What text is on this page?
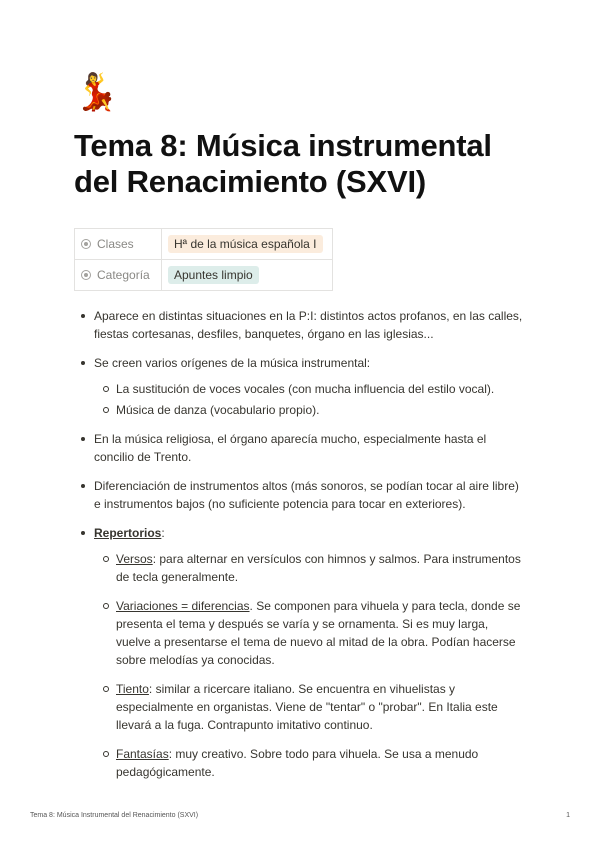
💃
Tema 8: Música instrumental del Renacimiento (SXVI)
Clases	Hª de la música española I
Categoría	Apuntes limpio
Aparece en distintas situaciones en la P:I: distintos actos profanos, en las calles, fiestas cortesanas, desfiles, banquetes, órgano en las iglesias...
Se creen varios orígenes de la música instrumental:
La sustitución de voces vocales (con mucha influencia del estilo vocal).
Música de danza (vocabulario propio).
En la música religiosa, el órgano aparecía mucho, especialmente hasta el concilio de Trento.
Diferenciación de instrumentos altos (más sonoros, se podían tocar al aire libre) e instrumentos bajos (no suficiente potencia para tocar en exteriores).
Repertorios:
Versos: para alternar en versículos con himnos y salmos. Para instrumentos de tecla generalmente.
Variaciones = diferencias. Se componen para vihuela y para tecla, donde se presenta el tema y después se varía y se ornamenta. Si es muy larga, vuelve a presentarse el tema de nuevo al mitad de la obra. Podían hacerse sobre melodías ya conocidas.
Tiento: similar a ricercare italiano. Se encuentra en vihuelistas y especialmente en organistas. Viene de "tentar" o "probar". En Italia este llevará a la fuga. Contrapunto imitativo continuo.
Fantasías: muy creativo. Sobre todo para vihuela. Se usa a menudo pedagógicamente.
Tema 8: Música Instrumental del Renacimiento (SXVI)	1
